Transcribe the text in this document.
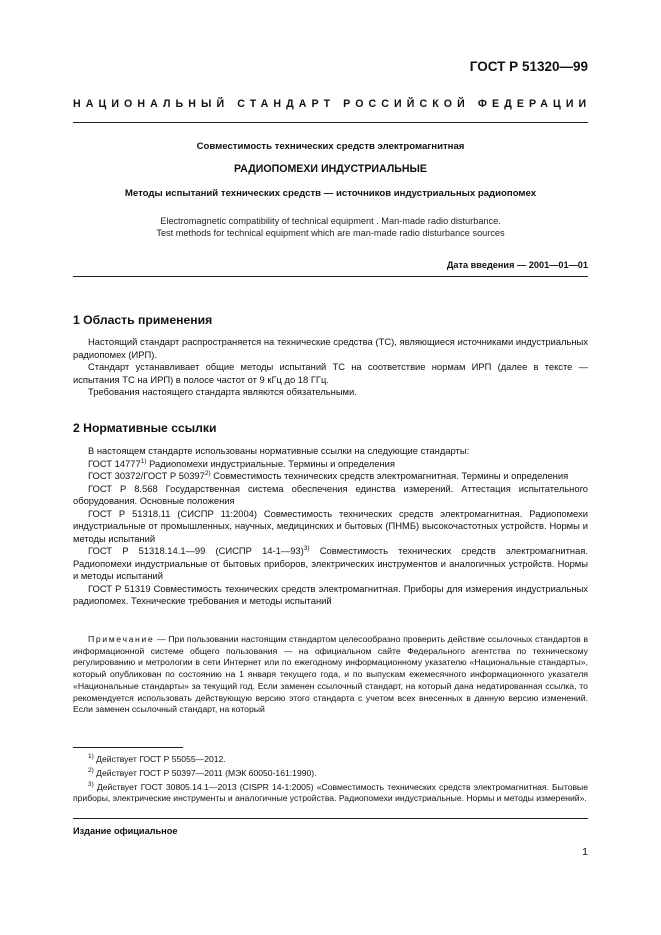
ГОСТ Р 51320—99
НАЦИОНАЛЬНЫЙ СТАНДАРТ РОССИЙСКОЙ ФЕДЕРАЦИИ
Совместимость технических средств электромагнитная
РАДИОПОМЕХИ ИНДУСТРИАЛЬНЫЕ
Методы испытаний технических средств — источников индустриальных радиопомех
Electromagnetic compatibility of technical equipment . Man-made radio disturbance.
Test methods for technical equipment which are man-made radio disturbance sources
Дата введения — 2001—01—01
1 Область применения

Настоящий стандарт распространяется на технические средства (ТС), являющиеся источниками индустриальных радиопомех (ИРП).

Стандарт устанавливает общие методы испытаний ТС на соответствие нормам ИРП (далее в тексте — испытания ТС на ИРП) в полосе частот от 9 кГц до 18 ГГц.

Требования настоящего стандарта являются обязательными.

2 Нормативные ссылки

В настоящем стандарте использованы нормативные ссылки на следующие стандарты:

ГОСТ 14777$^{1)}$ Радиопомехи индустриальные. Термины и определения

ГОСТ 30372/ГОСТ Р 50397$^{2)}$ Совместимость технических средств электромагнитная. Термины и определения

ГОСТ Р 8.568 Государственная система обеспечения единства измерений. Аттестация испытательного оборудования. Основные положения

ГОСТ Р 51318.11 (СИСПР 11:2004) Совместимость технических средств электромагнитная. Радиопомехи индустриальные от промышленных, научных, медицинских и бытовых (ПНМБ) высокочастотных устройств. Нормы и методы испытаний

ГОСТ Р 51318.14.1—99 (СИСПР 14-1—93)$^{3)}$ Совместимость технических средств электромагнитная. Радиопомехи индустриальные от бытовых приборов, электрических инструментов и аналогичных устройств. Нормы и методы испытаний

ГОСТ Р 51319 Совместимость технических средств электромагнитная. Приборы для измерения индустриальных радиопомех. Технические требования и методы испытаний

Примечание — При пользовании настоящим стандартом целесообразно проверить действие ссылочных стандартов в информационной системе общего пользования — на официальном сайте Федерального агентства по техническому регулированию и метрологии в сети Интернет или по ежегодному информационному указателю «Национальные стандарты», который опубликован по состоянию на 1 января текущего года, и по выпускам ежемесячного информационного указателя «Национальные стандарты» за текущий год. Если заменен ссылочный стандарт, на который дана недатированная ссылка, то рекомендуется использовать действующую версию этого стандарта с учетом всех внесенных в данную версию изменений. Если заменен ссылочный стандарт, на который

$^{1)}$ Действует ГОСТ Р 55055—2012.

$^{2)}$ Действует ГОСТ Р 50397—2011 (МЭК 60050-161:1990).

$^{3)}$ Действует ГОСТ 30805.14.1—2013 (CISPR 14-1:2005) «Совместимость технических средств электромагнитная. Бытовые приборы, электрические инструменты и аналогичные устройства. Радиопомехи индустриальные. Нормы и методы измерений».

Издание официальное
1
